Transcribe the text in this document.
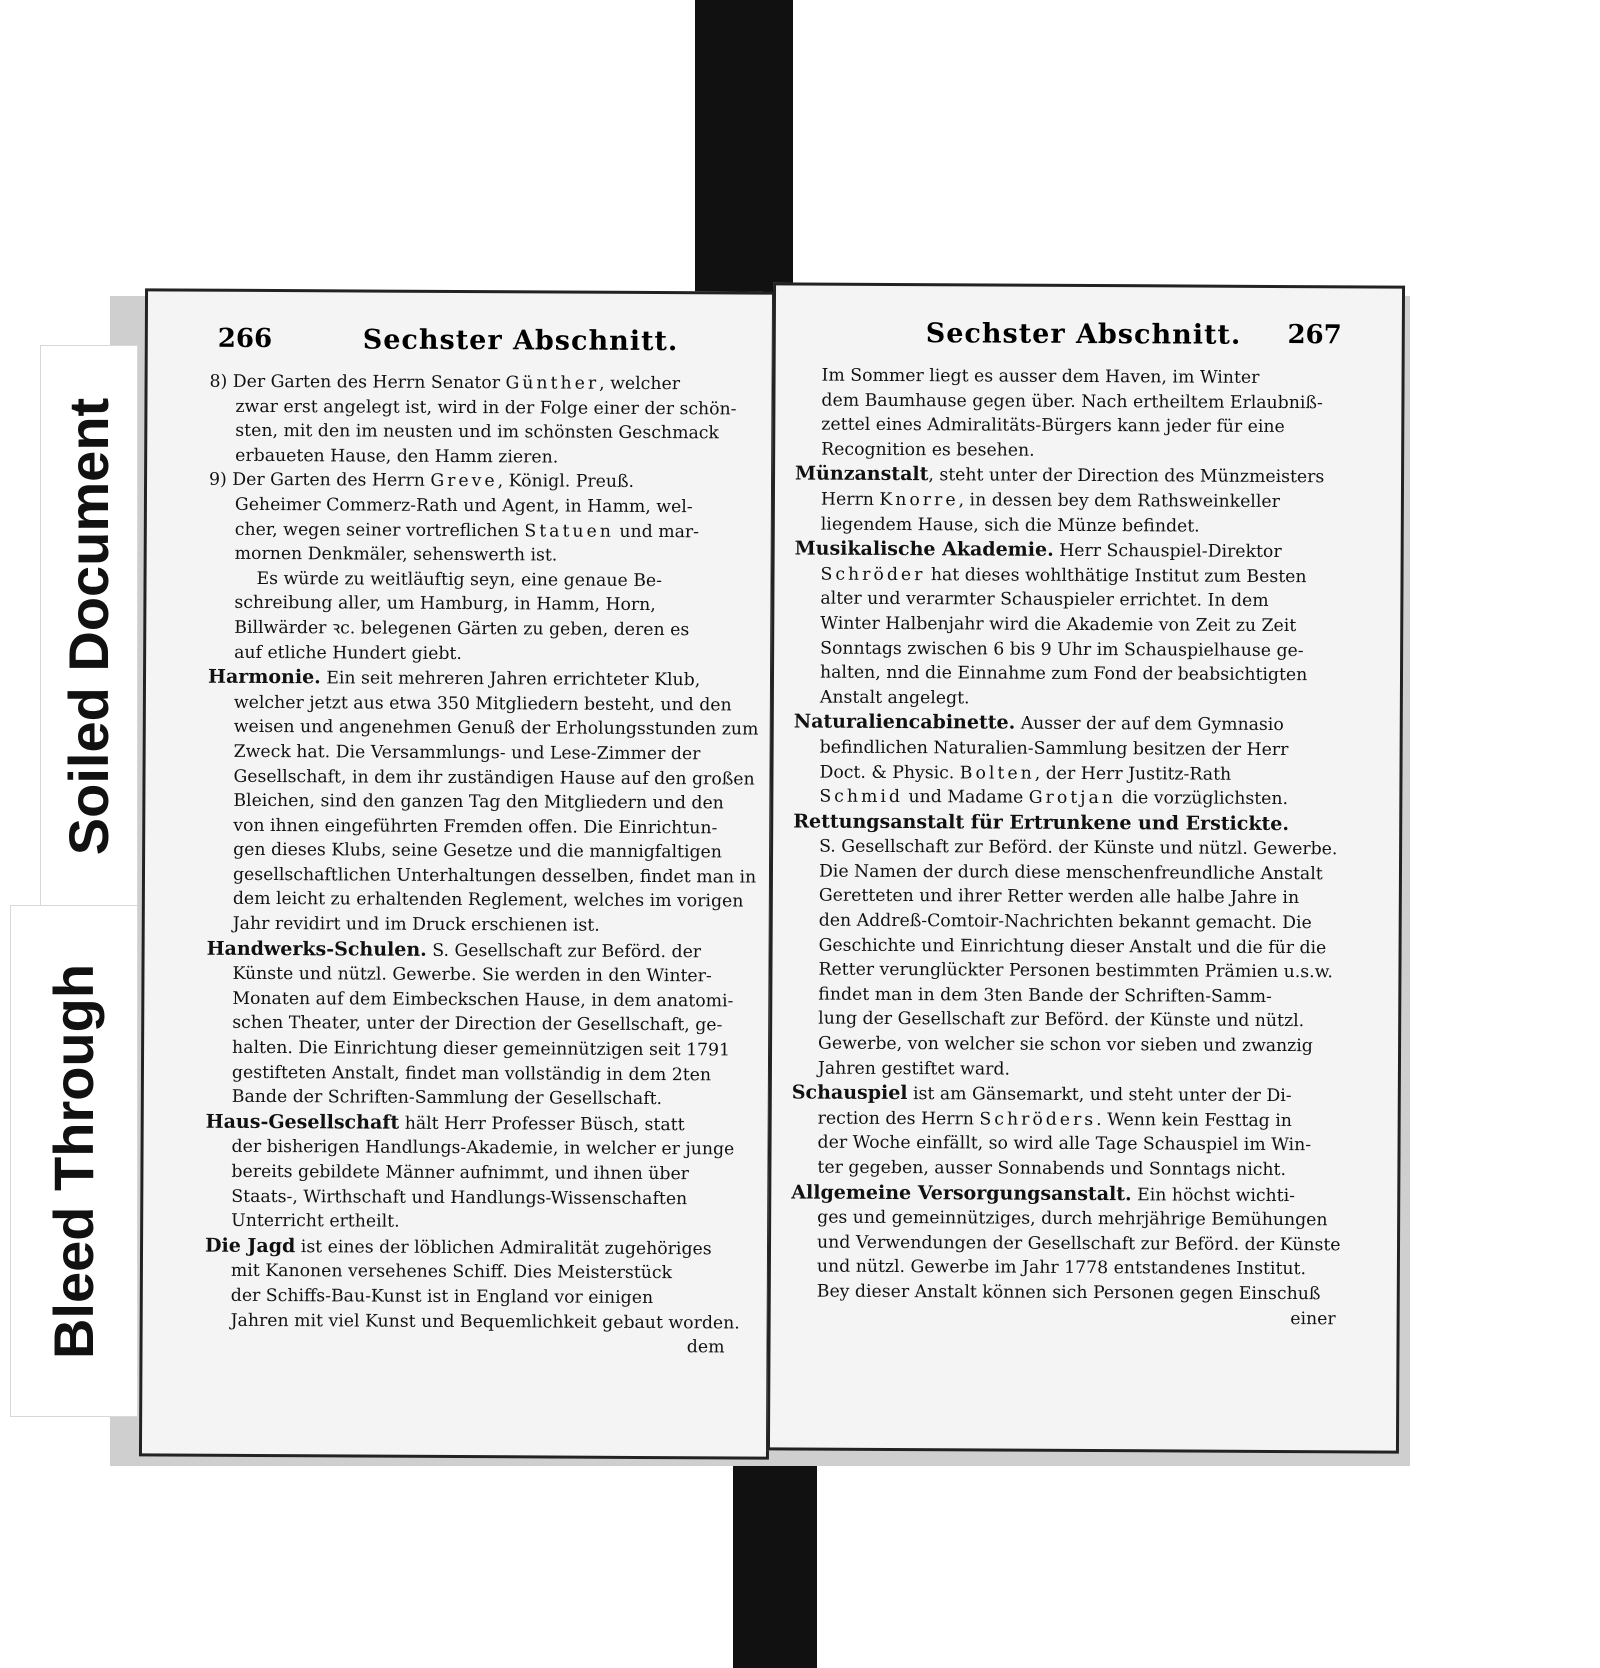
266	Sechster Abschnitt.
8) Der Garten des Herrn Senator Günther, welcher
zwar erst angelegt ist, wird in der Folge einer der schön-
sten, mit den im neusten und im schönsten Geschmack
erbaueten Hause, den Hamm zieren.
9) Der Garten des Herrn Greve, Königl. Preuß.
Geheimer Commerz-Rath und Agent, in Hamm, wel-
cher, wegen seiner vortreflichen Statuen und mar-
mornen Denkmäler, sehenswerth ist.
Es würde zu weitläuftig seyn, eine genaue Be-
schreibung aller, um Hamburg, in Hamm, Horn,
Billwärder ꝛc. belegenen Gärten zu geben, deren es
auf etliche Hundert giebt.
Harmonie. Ein seit mehreren Jahren errichteter Klub,
welcher jetzt aus etwa 350 Mitgliedern besteht, und den
weisen und angenehmen Genuß der Erholungsstunden zum
Zweck hat. Die Versammlungs- und Lese-Zimmer der
Gesellschaft, in dem ihr zuständigen Hause auf den großen
Bleichen, sind den ganzen Tag den Mitgliedern und den
von ihnen eingeführten Fremden offen. Die Einrichtun-
gen dieses Klubs, seine Gesetze und die mannigfaltigen
gesellschaftlichen Unterhaltungen desselben, findet man in
dem leicht zu erhaltenden Reglement, welches im vorigen
Jahr revidirt und im Druck erschienen ist.
Handwerks-Schulen. S. Gesellschaft zur Beförd. der
Künste und nützl. Gewerbe. Sie werden in den Winter-
Monaten auf dem Eimbeckschen Hause, in dem anatomi-
schen Theater, unter der Direction der Gesellschaft, ge-
halten. Die Einrichtung dieser gemeinnützigen seit 1791
gestifteten Anstalt, findet man vollständig in dem 2ten
Bande der Schriften-Sammlung der Gesellschaft.
Haus-Gesellschaft hält Herr Professer Büsch, statt
der bisherigen Handlungs-Akademie, in welcher er junge
bereits gebildete Männer aufnimmt, und ihnen über
Staats-, Wirthschaft und Handlungs-Wissenschaften
Unterricht ertheilt.
Die Jagd ist eines der löblichen Admiralität zugehöriges
mit Kanonen versehenes Schiff. Dies Meisterstück
der Schiffs-Bau-Kunst ist in England vor einigen
Jahren mit viel Kunst und Bequemlichkeit gebaut worden.
dem
Sechster Abschnitt. 267
Im Sommer liegt es ausser dem Haven, im Winter
dem Baumhause gegen über. Nach ertheiltem Erlaubniß-
zettel eines Admiralitäts-Bürgers kann jeder für eine
Recognition es besehen.
Münzanstalt, steht unter der Direction des Münzmeisters
Herrn Knorre, in dessen bey dem Rathsweinkeller
liegendem Hause, sich die Münze befindet.
Musikalische Akademie. Herr Schauspiel-Direktor
Schröder hat dieses wohlthätige Institut zum Besten
alter und verarmter Schauspieler errichtet. In dem
Winter Halbenjahr wird die Akademie von Zeit zu Zeit
Sonntags zwischen 6 bis 9 Uhr im Schauspielhause ge-
halten, nnd die Einnahme zum Fond der beabsichtigten
Anstalt angelegt.
Naturaliencabinette. Ausser der auf dem Gymnasio
befindlichen Naturalien-Sammlung besitzen der Herr
Doct. & Physic. Bolten, der Herr Justitz-Rath
Schmid und Madame Grotjan die vorzüglichsten.
Rettungsanstalt für Ertrunkene und Erstickte.
S. Gesellschaft zur Beförd. der Künste und nützl. Gewerbe.
Die Namen der durch diese menschenfreundliche Anstalt
Geretteten und ihrer Retter werden alle halbe Jahre in
den Addreß-Comtoir-Nachrichten bekannt gemacht. Die
Geschichte und Einrichtung dieser Anstalt und die für die
Retter verunglückter Personen bestimmten Prämien u.s.w.
findet man in dem 3ten Bande der Schriften-Samm-
lung der Gesellschaft zur Beförd. der Künste und nützl.
Gewerbe, von welcher sie schon vor sieben und zwanzig
Jahren gestiftet ward.
Schauspiel ist am Gänsemarkt, und steht unter der Di-
rection des Herrn Schröders. Wenn kein Festtag in
der Woche einfällt, so wird alle Tage Schauspiel im Win-
ter gegeben, ausser Sonnabends und Sonntags nicht.
Allgemeine Versorgungsanstalt. Ein höchst wichti-
ges und gemeinnütziges, durch mehrjährige Bemühungen
und Verwendungen der Gesellschaft zur Beförd. der Künste
und nützl. Gewerbe im Jahr 1778 entstandenes Institut.
Bey dieser Anstalt können sich Personen gegen Einschuß
einer
Soiled Document
Bleed Through
